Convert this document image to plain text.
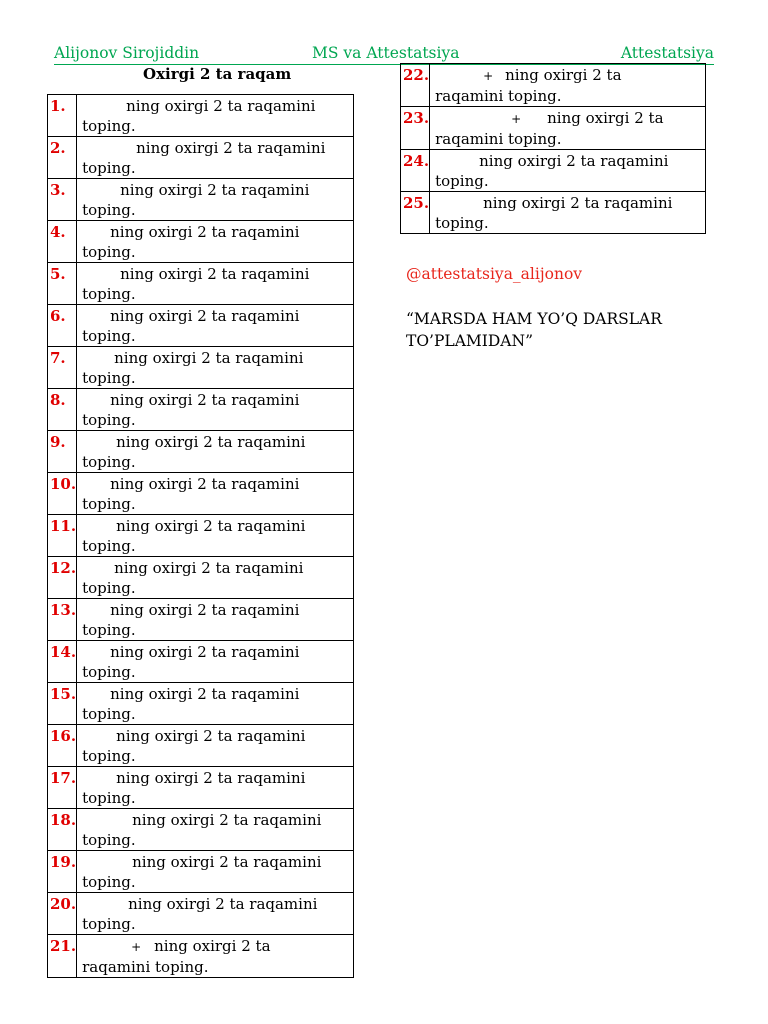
Alijonov Sirojiddin	MS va Attestatsiya	Attestatsiya
Oxirgi 2 ta raqam
1.	ning oxirgi 2 ta raqamini
toping.
2.	ning oxirgi 2 ta raqamini
toping.
3.	ning oxirgi 2 ta raqamini
toping.
4.	ning oxirgi 2 ta raqamini
toping.
5.	ning oxirgi 2 ta raqamini
toping.
6.	ning oxirgi 2 ta raqamini
toping.
7.	ning oxirgi 2 ta raqamini
toping.
8.	ning oxirgi 2 ta raqamini
toping.
9.	ning oxirgi 2 ta raqamini
toping.
10.	ning oxirgi 2 ta raqamini
toping.
11.	ning oxirgi 2 ta raqamini
toping.
12.	ning oxirgi 2 ta raqamini
toping.
13.	ning oxirgi 2 ta raqamini
toping.
14.	ning oxirgi 2 ta raqamini
toping.
15.	ning oxirgi 2 ta raqamini
toping.
16.	ning oxirgi 2 ta raqamini
toping.
17.	ning oxirgi 2 ta raqamini
toping.
18.	ning oxirgi 2 ta raqamini
toping.
19.	ning oxirgi 2 ta raqamini
toping.
20.	ning oxirgi 2 ta raqamini
toping.
21.	+ ning oxirgi 2 ta
raqamini toping.
22.	+ ning oxirgi 2 ta
raqamini toping.
23.	+ ning oxirgi 2 ta
raqamini toping.
24.	ning oxirgi 2 ta raqamini
toping.
25.	ning oxirgi 2 ta raqamini
toping.
@attestatsiya_alijonov
“MARSDA HAM YO’Q DARSLAR TO’PLAMIDAN”
